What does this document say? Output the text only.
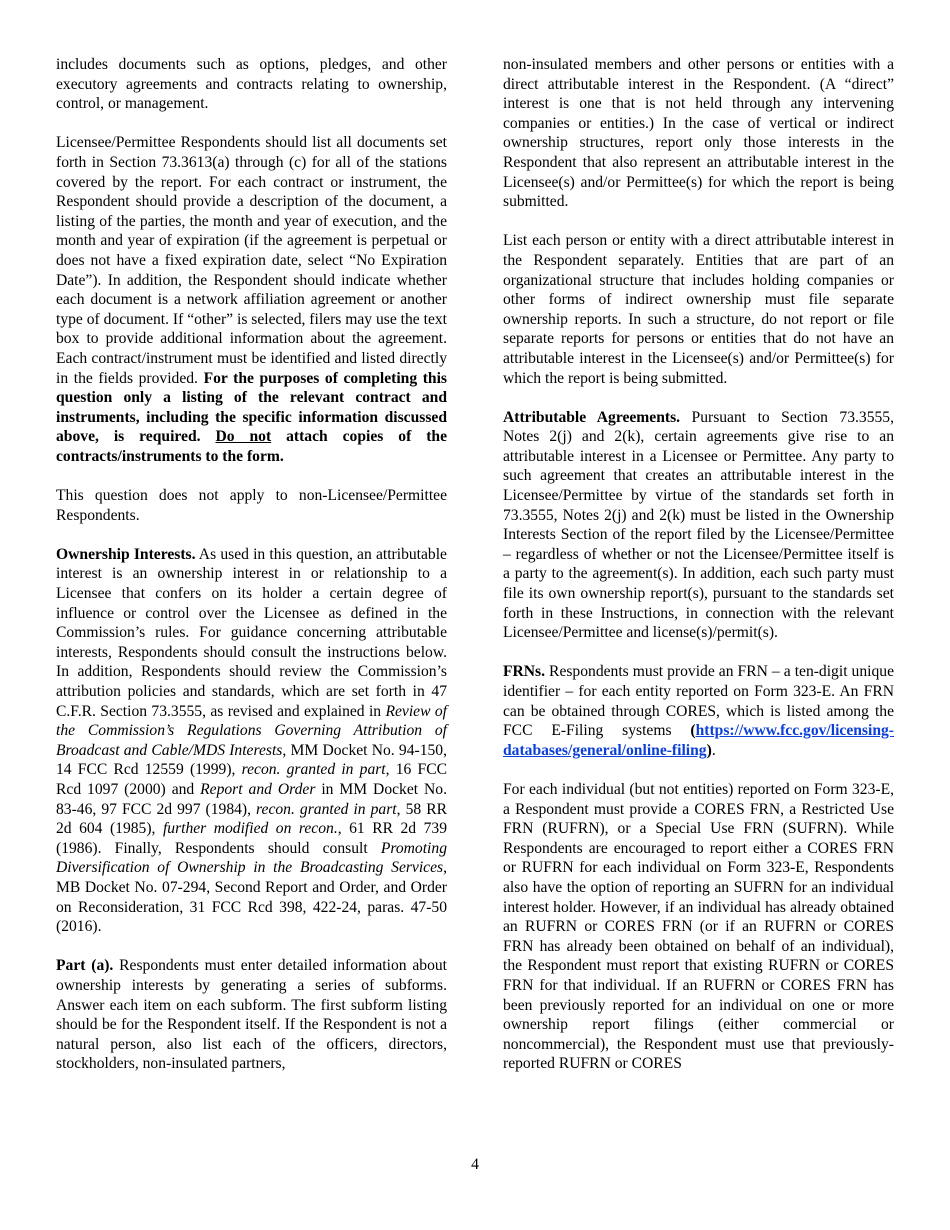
includes documents such as options, pledges, and other executory agreements and contracts relating to ownership, control, or management.

Licensee/Permittee Respondents should list all documents set forth in Section 73.3613(a) through (c) for all of the stations covered by the report. For each contract or instrument, the Respondent should provide a description of the document, a listing of the parties, the month and year of execution, and the month and year of expiration (if the agreement is perpetual or does not have a fixed expiration date, select “No Expiration Date”). In addition, the Respondent should indicate whether each document is a network affiliation agreement or another type of document. If “other” is selected, filers may use the text box to provide additional information about the agreement. Each contract/instrument must be identified and listed directly in the fields provided. For the purposes of completing this question only a listing of the relevant contract and instruments, including the specific information discussed above, is required. Do not attach copies of the contracts/instruments to the form.

This question does not apply to non-Licensee/Permittee Respondents.

Ownership Interests. As used in this question, an attributable interest is an ownership interest in or relationship to a Licensee that confers on its holder a certain degree of influence or control over the Licensee as defined in the Commission’s rules. For guidance concerning attributable interests, Respondents should consult the instructions below. In addition, Respondents should review the Commission’s attribution policies and standards, which are set forth in 47 C.F.R. Section 73.3555, as revised and explained in Review of the Commission’s Regulations Governing Attribution of Broadcast and Cable/MDS Interests, MM Docket No. 94-150, 14 FCC Rcd 12559 (1999), recon. granted in part, 16 FCC Rcd 1097 (2000) and Report and Order in MM Docket No. 83-46, 97 FCC 2d 997 (1984), recon. granted in part, 58 RR 2d 604 (1985), further modified on recon., 61 RR 2d 739 (1986). Finally, Respondents should consult Promoting Diversification of Ownership in the Broadcasting Services, MB Docket No. 07-294, Second Report and Order, and Order on Reconsideration, 31 FCC Rcd 398, 422-24, paras. 47-50 (2016).

Part (a). Respondents must enter detailed information about ownership interests by generating a series of subforms. Answer each item on each subform. The first subform listing should be for the Respondent itself. If the Respondent is not a natural person, also list each of the officers, directors, stockholders, non-insulated partners,

non-insulated members and other persons or entities with a direct attributable interest in the Respondent. (A “direct” interest is one that is not held through any intervening companies or entities.) In the case of vertical or indirect ownership structures, report only those interests in the Respondent that also represent an attributable interest in the Licensee(s) and/or Permittee(s) for which the report is being submitted.

List each person or entity with a direct attributable interest in the Respondent separately. Entities that are part of an organizational structure that includes holding companies or other forms of indirect ownership must file separate ownership reports. In such a structure, do not report or file separate reports for persons or entities that do not have an attributable interest in the Licensee(s) and/or Permittee(s) for which the report is being submitted.

Attributable Agreements. Pursuant to Section 73.3555, Notes 2(j) and 2(k), certain agreements give rise to an attributable interest in a Licensee or Permittee. Any party to such agreement that creates an attributable interest in the Licensee/Permittee by virtue of the standards set forth in 73.3555, Notes 2(j) and 2(k) must be listed in the Ownership Interests Section of the report filed by the Licensee/Permittee – regardless of whether or not the Licensee/Permittee itself is a party to the agreement(s). In addition, each such party must file its own ownership report(s), pursuant to the standards set forth in these Instructions, in connection with the relevant Licensee/Permittee and license(s)/permit(s).

FRNs. Respondents must provide an FRN – a ten-digit unique identifier – for each entity reported on Form 323-E. An FRN can be obtained through CORES, which is listed among the FCC E-Filing systems (https://www.fcc.gov/licensing-databases/general/online-filing).

For each individual (but not entities) reported on Form 323-E, a Respondent must provide a CORES FRN, a Restricted Use FRN (RUFRN), or a Special Use FRN (SUFRN). While Respondents are encouraged to report either a CORES FRN or RUFRN for each individual on Form 323-E, Respondents also have the option of reporting an SUFRN for an individual interest holder. However, if an individual has already obtained an RUFRN or CORES FRN (or if an RUFRN or CORES FRN has already been obtained on behalf of an individual), the Respondent must report that existing RUFRN or CORES FRN for that individual. If an RUFRN or CORES FRN has been previously reported for an individual on one or more ownership report filings (either commercial or noncommercial), the Respondent must use that previously-reported RUFRN or CORES

4
